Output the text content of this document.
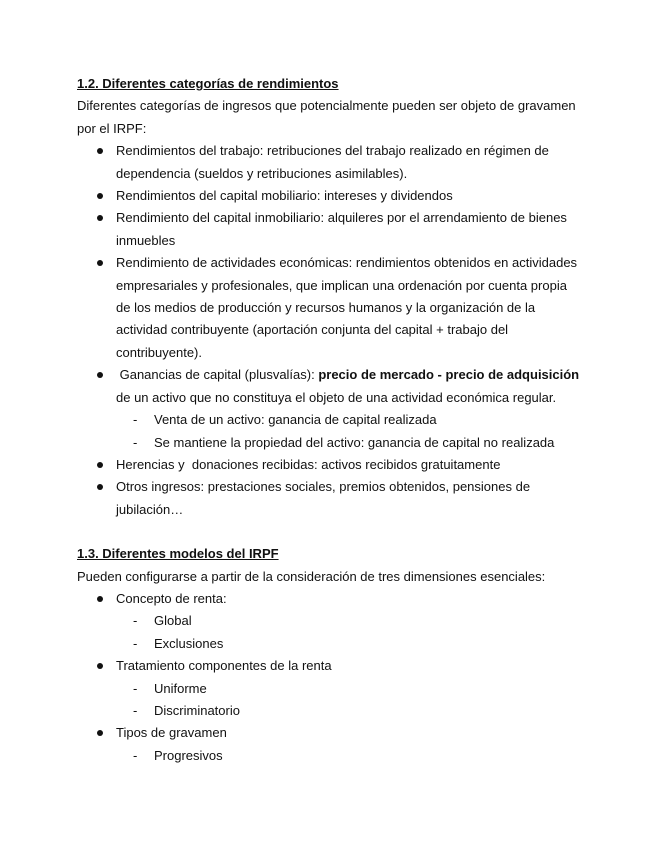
1.2. Diferentes categorías de rendimientos
Diferentes categorías de ingresos que potencialmente pueden ser objeto de gravamen
por el IRPF:
Rendimientos del trabajo: retribuciones del trabajo realizado en régimen de
dependencia (sueldos y retribuciones asimilables).
Rendimientos del capital mobiliario: intereses y dividendos
Rendimiento del capital inmobiliario: alquileres por el arrendamiento de bienes
inmuebles
Rendimiento de actividades económicas: rendimientos obtenidos en actividades
empresariales y profesionales, que implican una ordenación por cuenta propia
de los medios de producción y recursos humanos y la organización de la
actividad contribuyente (aportación conjunta del capital + trabajo del
contribuyente).
Ganancias de capital (plusvalías): precio de mercado - precio de adquisición
de un activo que no constituya el objeto de una actividad económica regular.
- Venta de un activo: ganancia de capital realizada
- Se mantiene la propiedad del activo: ganancia de capital no realizada
Herencias y  donaciones recibidas: activos recibidos gratuitamente
Otros ingresos: prestaciones sociales, premios obtenidos, pensiones de
jubilación…
1.3. Diferentes modelos del IRPF
Pueden configurarse a partir de la consideración de tres dimensiones esenciales:
Concepto de renta:
- Global
- Exclusiones
Tratamiento componentes de la renta
- Uniforme
- Discriminatorio
Tipos de gravamen
- Progresivos
